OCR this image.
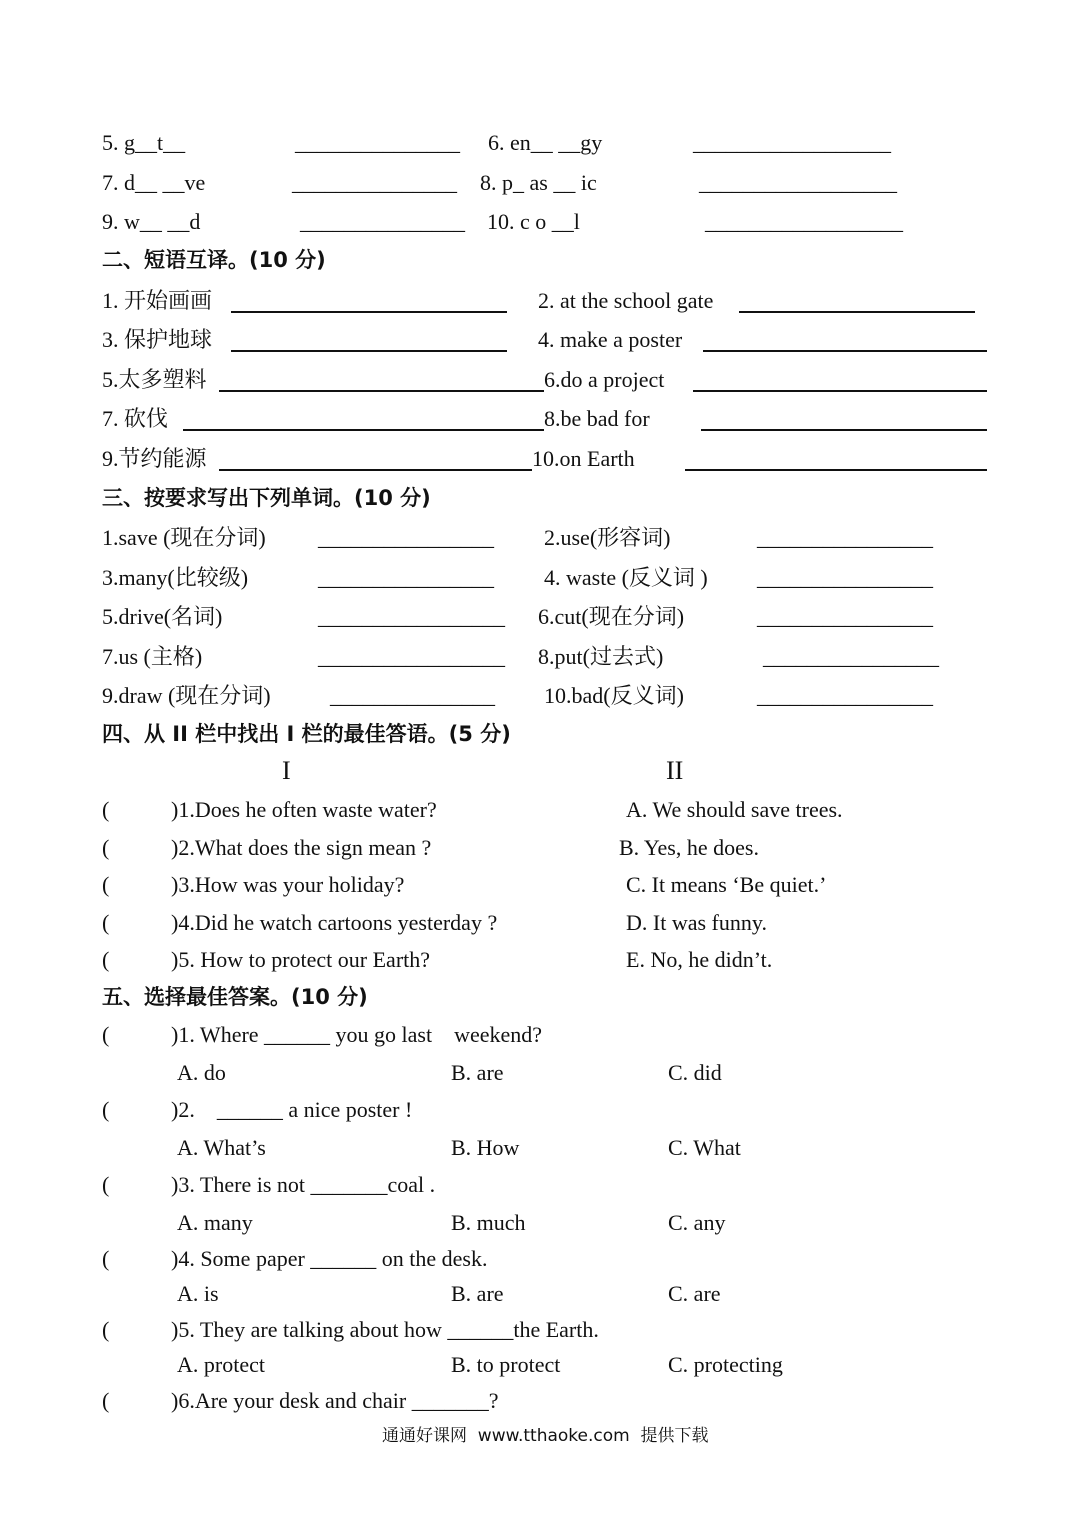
5. g__t__	_______________ 6. en__ __gy	__________________
7. d__ __ve	_______________ 8. p_ as __ ic	__________________
9. w__ __d	_______________ 10. c o __l	__________________
二、短语互译。(10 分)
1. 开始画画	2. at the school gate
3. 保护地球	4. make a poster
5.太多塑料	6.do a project
7. 砍伐	8.be bad for
9.节约能源	10.on Earth
三、按要求写出下列单词。(10 分)
1.save (现在分词) ________________ 2.use(形容词)	________________
3.many(比较级)	________________ 4. waste (反义词 ) ________________
5.drive(名词)	_________________ 6.cut(现在分词)	________________
7.us (主格)	_________________ 8.put(过去式)	________________
9.draw (现在分词)	_______________ 10.bad(反义词)	________________
四、从 II 栏中找出 I 栏的最佳答语。(5 分)
I	II
(	)1.Does he often waste water?	A. We should save trees.
(	)2.What does the sign mean ?	B. Yes, he does.
(	)3.How was your holiday?	C. It means ‘Be quiet.’
(	)4.Did he watch cartoons yesterday ?	D. It was funny.
(	)5. How to protect our Earth?	E. No, he didn’t.
五、选择最佳答案。(10 分)
(	)1. Where ______ you go last    weekend?
A. do	B. are	C. did
(	)2.    ______ a nice poster !
A. What’s	B. How	C. What
(	)3. There is not _______coal .
A. many	B. much	C. any
(	)4. Some paper ______ on the desk.
A. is	B. are	C. are
(	)5. They are talking about how ______the Earth.
A. protect	B. to protect	C. protecting
(	)6.Are your desk and chair _______?
通通好课网  www.tthaoke.com  提供下载
